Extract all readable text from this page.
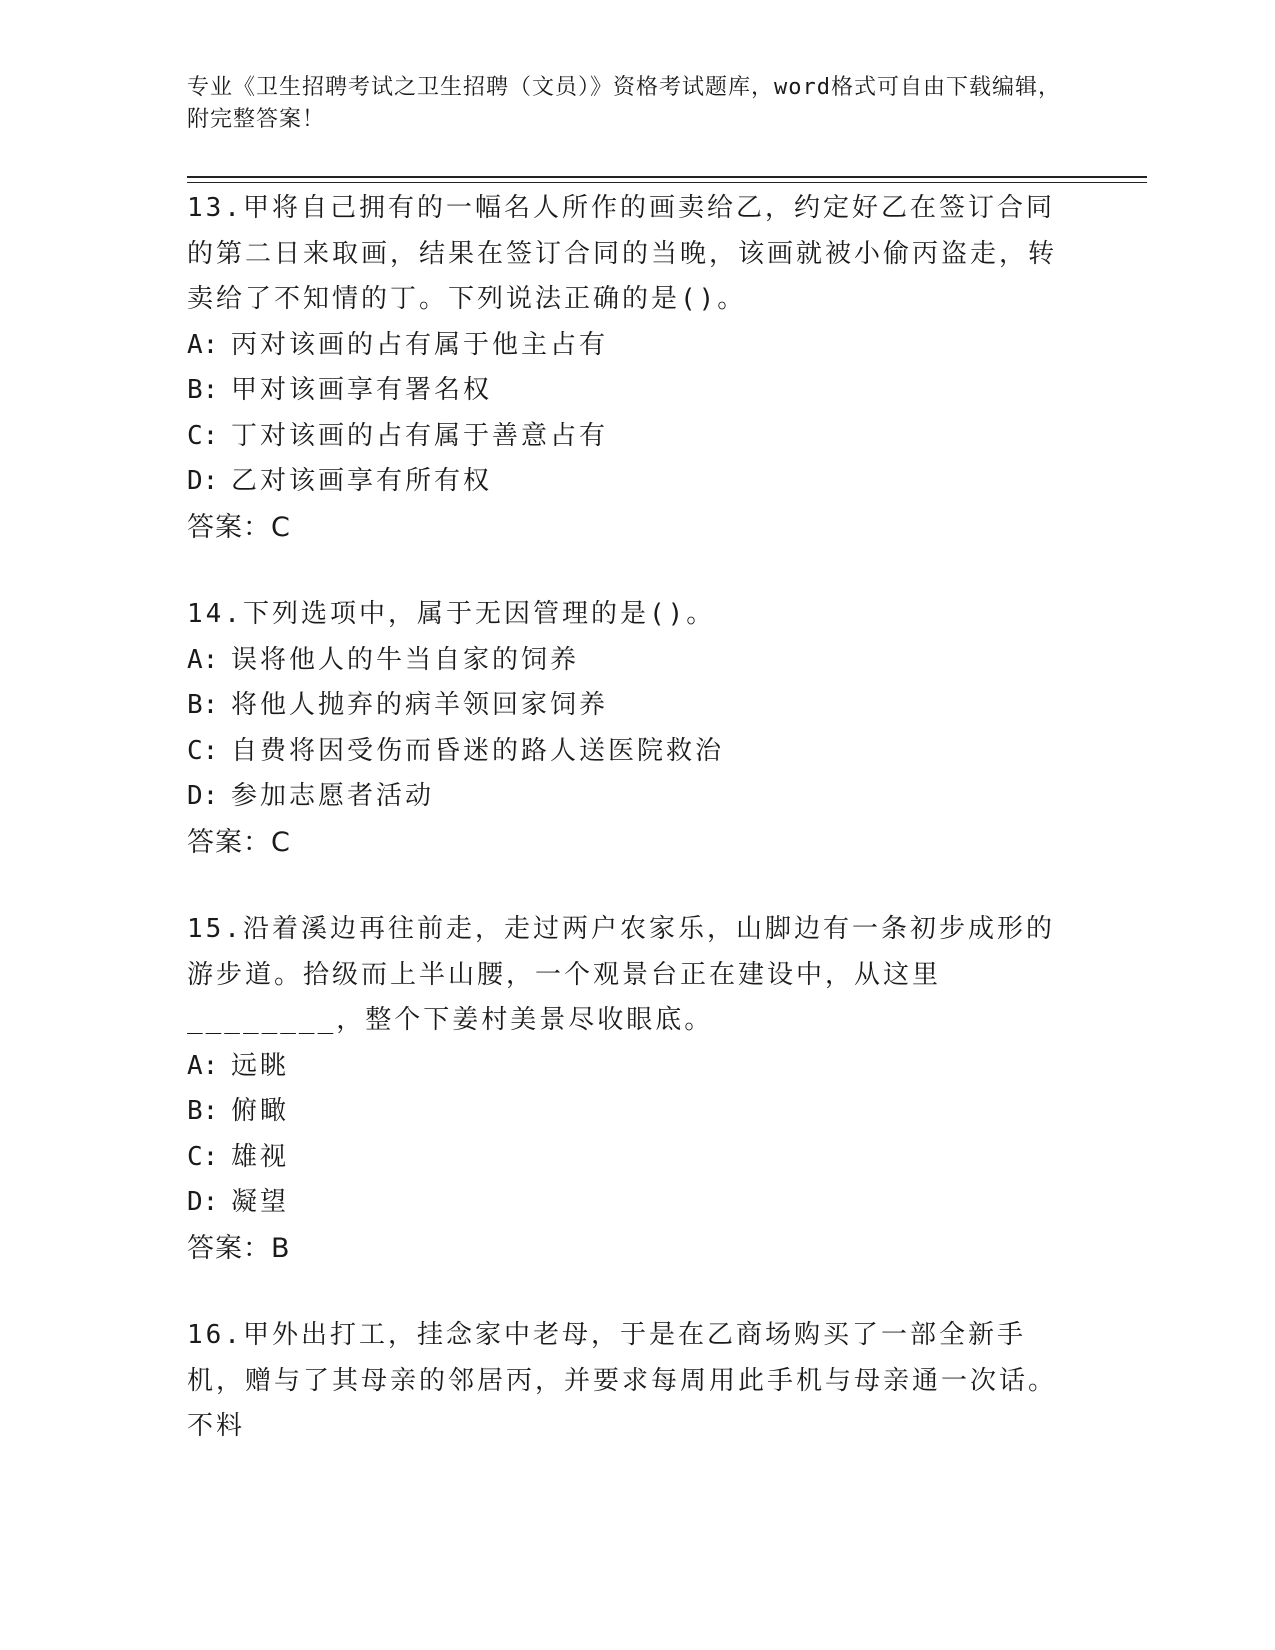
专业《卫生招聘考试之卫生招聘（文员）》资格考试题库，word格式可自由下载编辑，附完整答案！

13.甲将自己拥有的一幅名人所作的画卖给乙，约定好乙在签订合同的第二日来取画，结果在签订合同的当晚，该画就被小偷丙盗走，转卖给了不知情的丁。下列说法正确的是()。

A: 丙对该画的占有属于他主占有

B: 甲对该画享有署名权

C: 丁对该画的占有属于善意占有

D: 乙对该画享有所有权

答案：C

14.下列选项中，属于无因管理的是()。

A: 误将他人的牛当自家的饲养

B: 将他人抛弃的病羊领回家饲养

C: 自费将因受伤而昏迷的路人送医院救治

D: 参加志愿者活动

答案：C

15.沿着溪边再往前走，走过两户农家乐，山脚边有一条初步成形的游步道。拾级而上半山腰，一个观景台正在建设中，从这里________，整个下姜村美景尽收眼底。

A: 远眺

B: 俯瞰

C: 雄视

D: 凝望

答案：B

16.甲外出打工，挂念家中老母，于是在乙商场购买了一部全新手机，赠与了其母亲的邻居丙，并要求每周用此手机与母亲通一次话。不料
